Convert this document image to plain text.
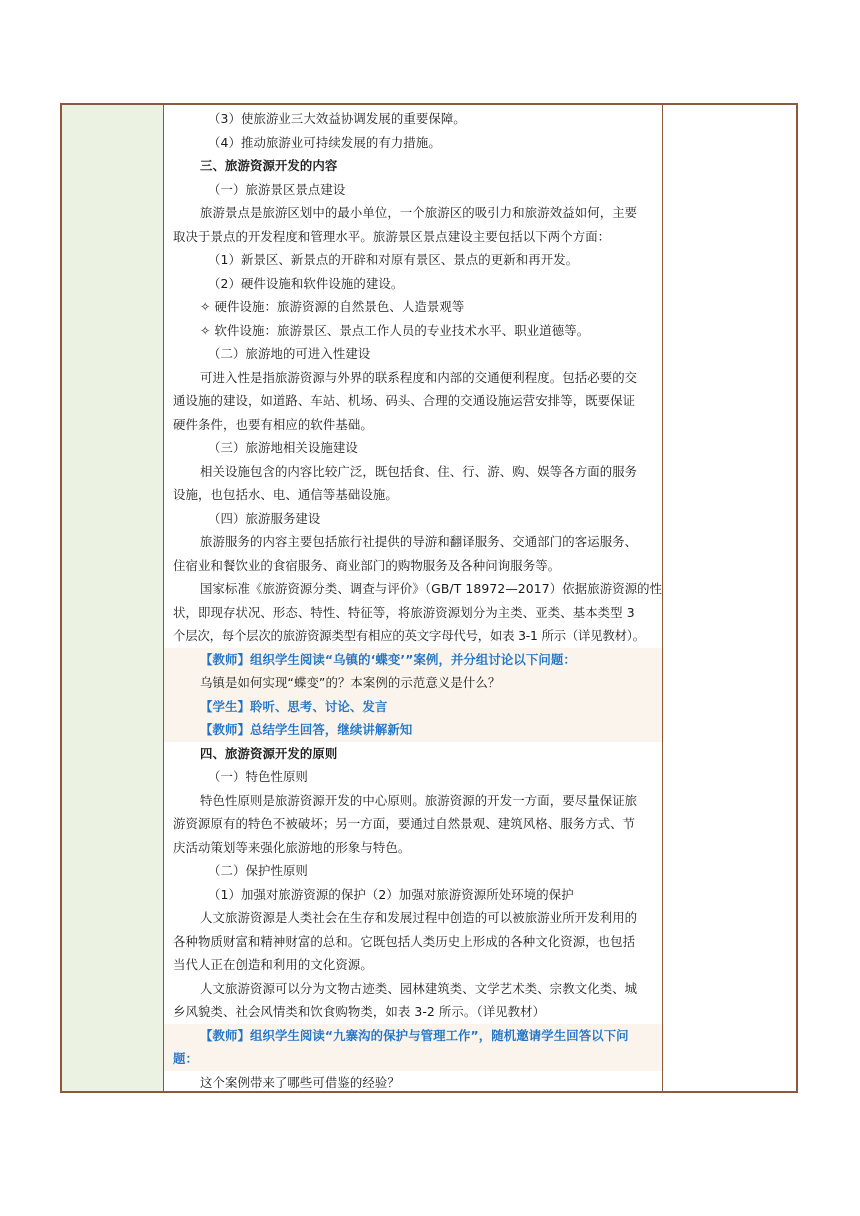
（3）使旅游业三大效益协调发展的重要保障。
（4）推动旅游业可持续发展的有力措施。
三、旅游资源开发的内容
（一）旅游景区景点建设
旅游景点是旅游区划中的最小单位，一个旅游区的吸引力和旅游效益如何，主要
取决于景点的开发程度和管理水平。旅游景区景点建设主要包括以下两个方面：
（1）新景区、新景点的开辟和对原有景区、景点的更新和再开发。
（2）硬件设施和软件设施的建设。
✧ 硬件设施：旅游资源的自然景色、人造景观等
✧ 软件设施：旅游景区、景点工作人员的专业技术水平、职业道德等。
（二）旅游地的可进入性建设
可进入性是指旅游资源与外界的联系程度和内部的交通便利程度。包括必要的交
通设施的建设，如道路、车站、机场、码头、合理的交通设施运营安排等，既要保证
硬件条件，也要有相应的软件基础。
（三）旅游地相关设施建设
相关设施包含的内容比较广泛，既包括食、住、行、游、购、娱等各方面的服务
设施，也包括水、电、通信等基础设施。
（四）旅游服务建设
旅游服务的内容主要包括旅行社提供的导游和翻译服务、交通部门的客运服务、
住宿业和餐饮业的食宿服务、商业部门的购物服务及各种问询服务等。
国家标准《旅游资源分类、调查与评价》（GB/T 18972—2017）依据旅游资源的性
状，即现存状况、形态、特性、特征等，将旅游资源划分为主类、亚类、基本类型 3
个层次，每个层次的旅游资源类型有相应的英文字母代号，如表 3-1 所示（详见教材）。
【教师】组织学生阅读“乌镇的‘蝶变’”案例，并分组讨论以下问题：
乌镇是如何实现“蝶变”的？本案例的示范意义是什么？
【学生】聆听、思考、讨论、发言
【教师】总结学生回答，继续讲解新知
四、旅游资源开发的原则
（一）特色性原则
特色性原则是旅游资源开发的中心原则。旅游资源的开发一方面，要尽量保证旅
游资源原有的特色不被破坏；另一方面，要通过自然景观、建筑风格、服务方式、节
庆活动策划等来强化旅游地的形象与特色。
（二）保护性原则
（1）加强对旅游资源的保护（2）加强对旅游资源所处环境的保护
人文旅游资源是人类社会在生存和发展过程中创造的可以被旅游业所开发利用的
各种物质财富和精神财富的总和。它既包括人类历史上形成的各种文化资源，也包括
当代人正在创造和利用的文化资源。
人文旅游资源可以分为文物古迹类、园林建筑类、文学艺术类、宗教文化类、城
乡风貌类、社会风情类和饮食购物类，如表 3-2 所示。（详见教材）
【教师】组织学生阅读“九寨沟的保护与管理工作”，随机邀请学生回答以下问
题：
这个案例带来了哪些可借鉴的经验？
